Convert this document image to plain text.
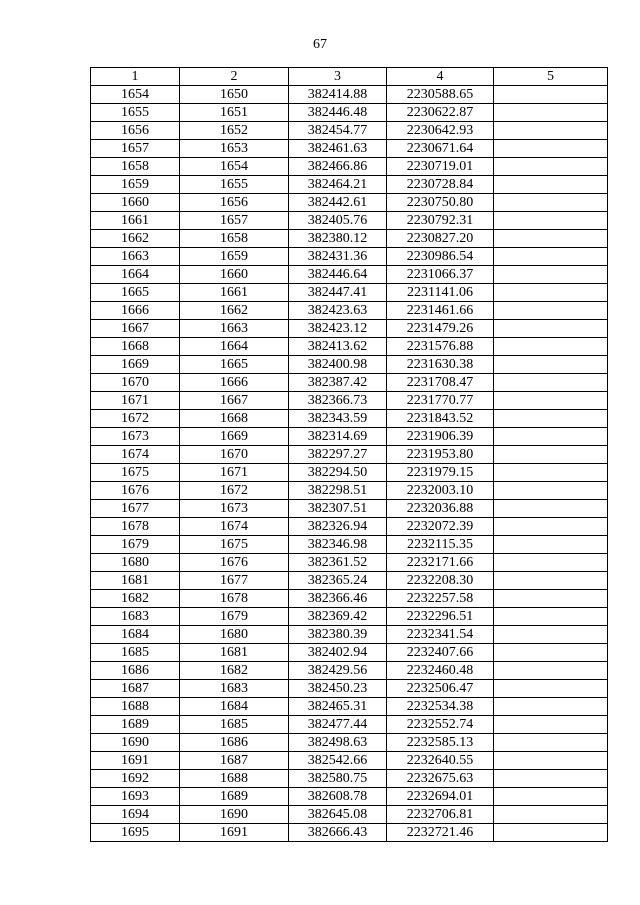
67
1	2	3	4	5
1654	1650	382414.88	2230588.65	
1655	1651	382446.48	2230622.87	
1656	1652	382454.77	2230642.93	
1657	1653	382461.63	2230671.64	
1658	1654	382466.86	2230719.01	
1659	1655	382464.21	2230728.84	
1660	1656	382442.61	2230750.80	
1661	1657	382405.76	2230792.31	
1662	1658	382380.12	2230827.20	
1663	1659	382431.36	2230986.54	
1664	1660	382446.64	2231066.37	
1665	1661	382447.41	2231141.06	
1666	1662	382423.63	2231461.66	
1667	1663	382423.12	2231479.26	
1668	1664	382413.62	2231576.88	
1669	1665	382400.98	2231630.38	
1670	1666	382387.42	2231708.47	
1671	1667	382366.73	2231770.77	
1672	1668	382343.59	2231843.52	
1673	1669	382314.69	2231906.39	
1674	1670	382297.27	2231953.80	
1675	1671	382294.50	2231979.15	
1676	1672	382298.51	2232003.10	
1677	1673	382307.51	2232036.88	
1678	1674	382326.94	2232072.39	
1679	1675	382346.98	2232115.35	
1680	1676	382361.52	2232171.66	
1681	1677	382365.24	2232208.30	
1682	1678	382366.46	2232257.58	
1683	1679	382369.42	2232296.51	
1684	1680	382380.39	2232341.54	
1685	1681	382402.94	2232407.66	
1686	1682	382429.56	2232460.48	
1687	1683	382450.23	2232506.47	
1688	1684	382465.31	2232534.38	
1689	1685	382477.44	2232552.74	
1690	1686	382498.63	2232585.13	
1691	1687	382542.66	2232640.55	
1692	1688	382580.75	2232675.63	
1693	1689	382608.78	2232694.01	
1694	1690	382645.08	2232706.81	
1695	1691	382666.43	2232721.46	
